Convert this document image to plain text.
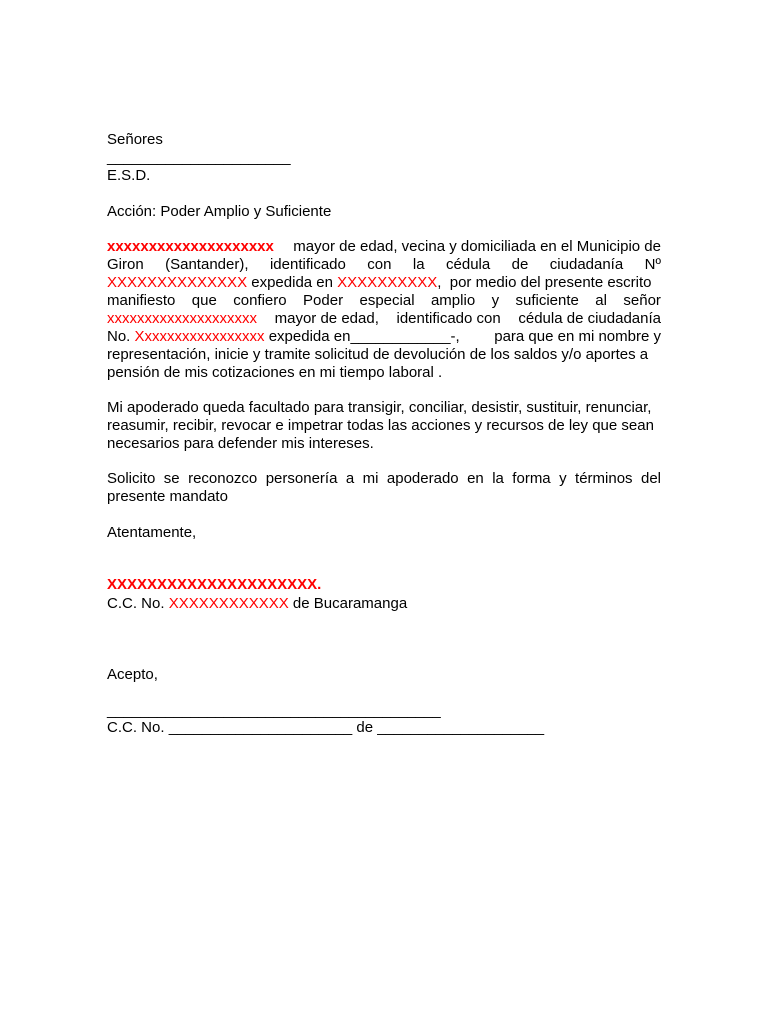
Señores
______________________
E.S.D.
Acción: Poder Amplio y Suficiente
xxxxxxxxxxxxxxxxxxxx mayor de edad, vecina y domiciliada en el Municipio de
Giron (Santander), identificado con la cédula de ciudadanía Nº
XXXXXXXXXXXXXX
expedida en
XXXXXXXXXX ,  por medio del presente escrito
manifiesto que confiero Poder especial amplio y suficiente al señor
xxxxxxxxxxxxxxxxxxxx mayor de edad, identificado con cédula de ciudadanía
No. Xxxxxxxxxxxxxxxxx expedida en____________-, para que en mi nombre y
representación, inicie y tramite solicitud de devolución de los saldos y/o aportes a
pensión de mis cotizaciones en mi tiempo laboral .
Mi apoderado queda facultado para transigir, conciliar, desistir, sustituir, renunciar,
reasumir, recibir, revocar e impetrar todas las acciones y recursos de ley que sean
necesarios para defender mis intereses.
Solicito se reconozco personería a mi apoderado en la forma y términos del
presente mandato
Atentamente,
XXXXXXXXXXXXXXXXXXXXX.
C.C. No. XXXXXXXXXXXX de Bucaramanga
Acepto,
________________________________________
C.C. No. ______________________ de ____________________
